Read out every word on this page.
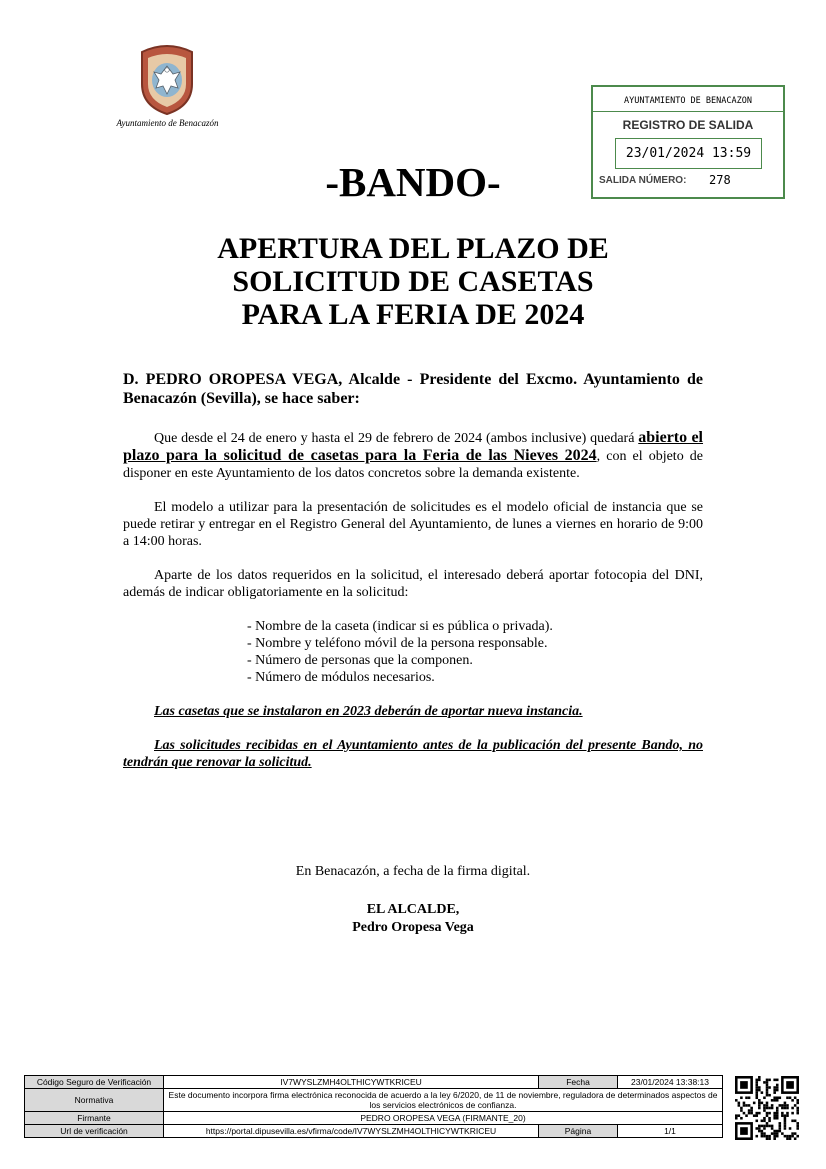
Ayuntamiento de Benacazón
AYUNTAMIENTO DE BENACAZON
REGISTRO DE SALIDA
23/01/2024 13:59
SALIDA NÚMERO: 278
-BANDO-
APERTURA DEL PLAZO DE
SOLICITUD DE CASETAS
PARA LA FERIA DE 2024

D. PEDRO OROPESA VEGA, Alcalde - Presidente del Excmo. Ayuntamiento de Benacazón (Sevilla), se hace saber:

Que desde el 24 de enero y hasta el 29 de febrero de 2024 (ambos inclusive) quedará abierto el plazo para la solicitud de casetas para la Feria de las Nieves 2024, con el objeto de disponer en este Ayuntamiento de los datos concretos sobre la demanda existente.

El modelo a utilizar para la presentación de solicitudes es el modelo oficial de instancia que se puede retirar y entregar en el Registro General del Ayuntamiento, de lunes a viernes en horario de 9:00 a 14:00 horas.

Aparte de los datos requeridos en la solicitud, el interesado deberá aportar fotocopia del DNI, además de indicar obligatoriamente en la solicitud:

- Nombre de la caseta (indicar si es pública o privada).
- Nombre y teléfono móvil de la persona responsable.
- Número de personas que la componen.
- Número de módulos necesarios.

Las casetas que se instalaron en 2023 deberán de aportar nueva instancia.

Las solicitudes recibidas en el Ayuntamiento antes de la publicación del presente Bando, no tendrán que renovar la solicitud.

En Benacazón, a fecha de la firma digital.
EL ALCALDE,
Pedro Oropesa Vega
Código Seguro de Verificación	IV7WYSLZMH4OLTHICYWTKRICEU	Fecha	23/01/2024 13:38:13
Normativa	Este documento incorpora firma electrónica reconocida de acuerdo a la ley 6/2020, de 11 de noviembre, reguladora de determinados aspectos de los servicios electrónicos de confianza.		
Firmante	PEDRO OROPESA VEGA (FIRMANTE_20)		
Url de verificación	https://portal.dipusevilla.es/vfirma/code/IV7WYSLZMH4OLTHICYWTKRICEU	Página	1/1
